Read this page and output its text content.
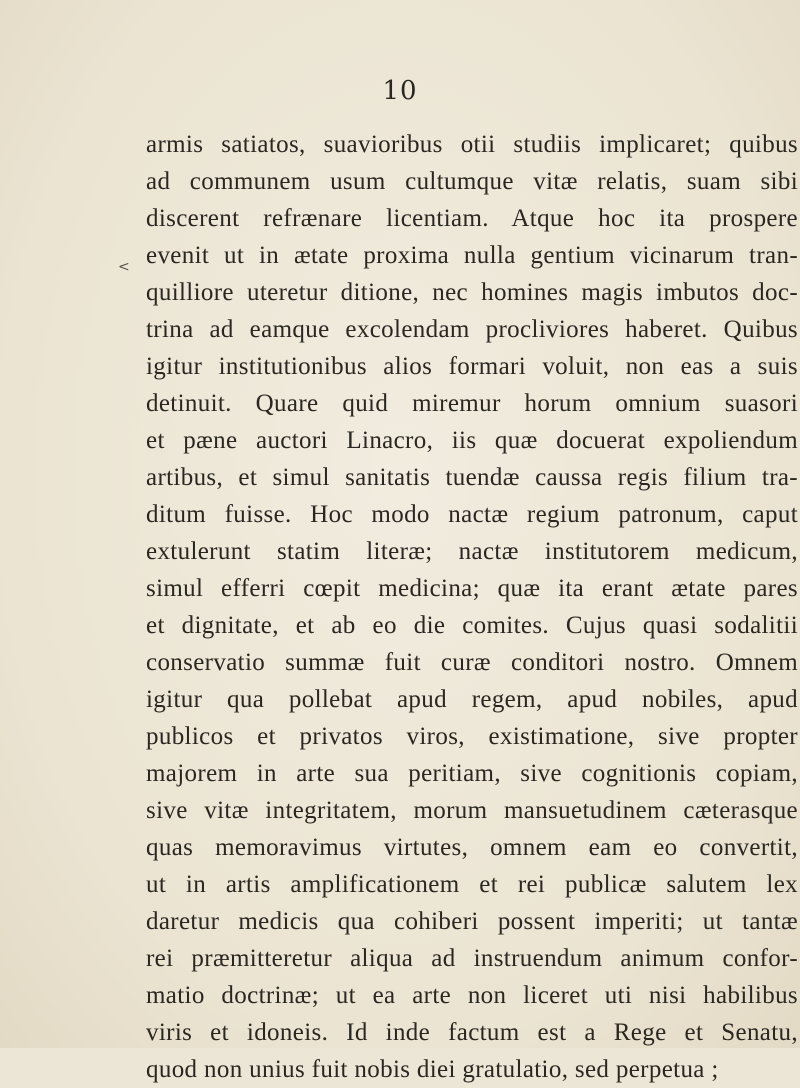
10
<
armis satiatos, suavioribus otii studiis implicaret; quibus
ad communem usum cultumque vitæ relatis, suam sibi
discerent refrænare licentiam. Atque hoc ita prospere
evenit ut in ætate proxima nulla gentium vicinarum tran-
quilliore uteretur ditione, nec homines magis imbutos doc-
trina ad eamque excolendam procliviores haberet. Quibus
igitur institutionibus alios formari voluit, non eas a suis
detinuit. Quare quid miremur horum omnium suasori
et pæne auctori Linacro, iis quæ docuerat expoliendum
artibus, et simul sanitatis tuendæ caussa regis filium tra-
ditum fuisse. Hoc modo nactæ regium patronum, caput
extulerunt statim literæ; nactæ institutorem medicum,
simul efferri cœpit medicina; quæ ita erant ætate pares
et dignitate, et ab eo die comites. Cujus quasi sodalitii
conservatio summæ fuit curæ conditori nostro. Omnem
igitur qua pollebat apud regem, apud nobiles, apud
publicos et privatos viros, existimatione, sive propter
majorem in arte sua peritiam, sive cognitionis copiam,
sive vitæ integritatem, morum mansuetudinem cæterasque
quas memoravimus virtutes, omnem eam eo convertit,
ut in artis amplificationem et rei publicæ salutem lex
daretur medicis qua cohiberi possent imperiti; ut tantæ
rei præmitteretur aliqua ad instruendum animum confor-
matio doctrinæ; ut ea arte non liceret uti nisi habilibus
viris et idoneis. Id inde factum est a Rege et Senatu,
quod non unius fuit nobis diei gratulatio, sed perpetua ;
